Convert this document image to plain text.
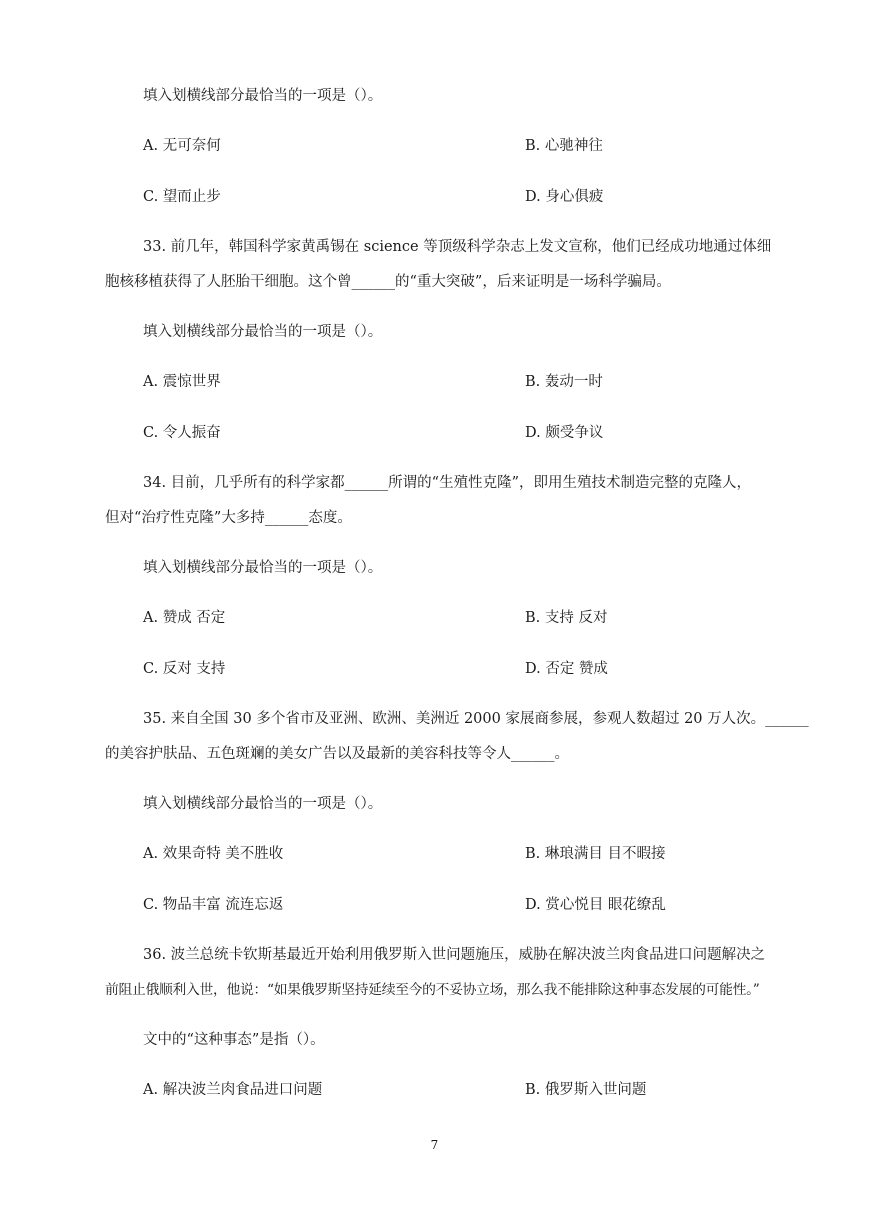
填入划横线部分最恰当的一项是（）。
A. 无可奈何	B. 心驰神往
C. 望而止步	D. 身心俱疲
33. 前几年，韩国科学家黄禹锡在 science 等顶级科学杂志上发文宣称，他们已经成功地通过体细
胞核移植获得了人胚胎干细胞。这个曾______的“重大突破”，后来证明是一场科学骗局。
填入划横线部分最恰当的一项是（）。
A. 震惊世界	B. 轰动一时
C. 令人振奋	D. 颇受争议
34. 目前，几乎所有的科学家都______所谓的“生殖性克隆”，即用生殖技术制造完整的克隆人，
但对“治疗性克隆”大多持______态度。
填入划横线部分最恰当的一项是（）。
A. 赞成 否定	B. 支持 反对
C. 反对 支持	D. 否定 赞成
35. 来自全国 30 多个省市及亚洲、欧洲、美洲近 2000 家展商参展，参观人数超过 20 万人次。______
的美容护肤品、五色斑斓的美女广告以及最新的美容科技等令人______。
填入划横线部分最恰当的一项是（）。
A. 效果奇特 美不胜收	B. 琳琅满目 目不暇接
C. 物品丰富 流连忘返	D. 赏心悦目 眼花缭乱
36. 波兰总统卡钦斯基最近开始利用俄罗斯入世问题施压，威胁在解决波兰肉食品进口问题解决之
前阻止俄顺利入世，他说：“如果俄罗斯坚持延续至今的不妥协立场，那么我不能排除这种事态发展的可能性。”
文中的“这种事态”是指（）。
A. 解决波兰肉食品进口问题	B. 俄罗斯入世问题
7
